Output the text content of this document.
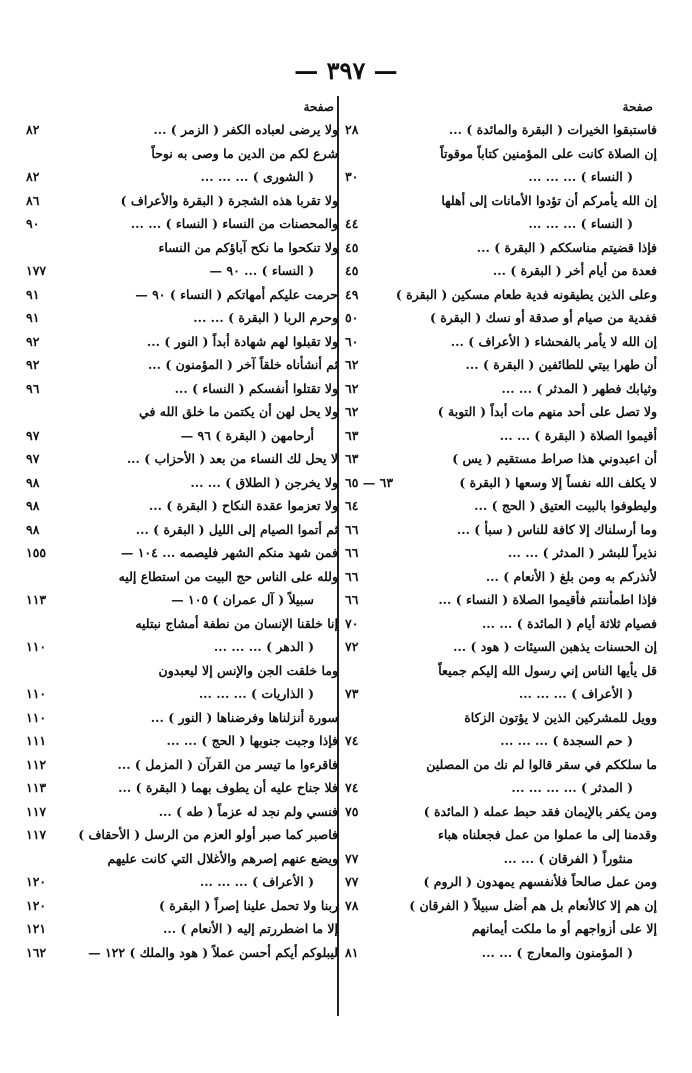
— ٣٩٧ —
صفحة
فاستبقوا الخيرات ( البقرة والمائدة ) ...
٢٨
إن الصلاة كانت على المؤمنين كتاباً موقوتاً
( النساء ) ... ... ...
٣٠
إن الله يأمركم أن تؤدوا الأمانات إلى أهلها
( النساء ) ... ... ...
٤٤
فإذا قضيتم مناسككم ( البقرة ) ...
٤٥
فعدة من أيام أخر ( البقرة ) ...
٤٥
وعلى الذين يطيقونه فدية طعام مسكين ( البقرة )
٤٩
ففدية من صيام أو صدقة أو نسك ( البقرة )
٥٠
إن الله لا يأمر بالفحشاء ( الأعراف ) ...
٦٠
أن طهرا بيتي للطائفين ( البقرة ) ...
٦٢
وثيابك فطهر ( المدثر ) ... ...
٦٢
ولا تصل على أحد منهم مات أبداً ( التوبة )
٦٢
أقيموا الصلاة ( البقرة ) ... ...
٦٣
أن اعبدوني هذا صراط مستقيم ( يس )
٦٣
لا يكلف الله نفساً إلا وسعها ( البقرة )
٦٣ — ٦٥
وليطوفوا بالبيت العتيق ( الحج ) ...
٦٤
وما أرسلناك إلا كافة للناس ( سبأ ) ...
٦٦
نذيراً للبشر ( المدثر ) ... ...
٦٦
لأنذركم به ومن بلغ ( الأنعام ) ...
٦٦
فإذا اطمأننتم فأقيموا الصلاة ( النساء ) ...
٦٦
فصيام ثلاثة أيام ( المائدة ) ... ...
٧٠
إن الحسنات يذهبن السيئات ( هود ) ...
٧٢
قل يأيها الناس إني رسول الله إليكم جميعاً
( الأعراف ) ... ... ...
٧٣
وويل للمشركين الذين لا يؤتون الزكاة
( حم السجدة ) ... ... ...
٧٤
ما سلككم في سقر قالوا لم نك من المصلين
( المدثر ) ... ... ... ...
٧٤
ومن يكفر بالإيمان فقد حبط عمله ( المائدة )
٧٥
وقدمنا إلى ما عملوا من عمل فجعلناه هباء
منثوراً ( الفرقان ) ... ...
٧٧
ومن عمل صالحاً فلأنفسهم يمهدون ( الروم )
٧٧
إن هم إلا كالأنعام بل هم أضل سبيلاً ( الفرقان )
٧٨
إلا على أزواجهم أو ما ملكت أيمانهم
( المؤمنون والمعارج ) ... ...
٨١
صفحة
ولا يرضى لعباده الكفر ( الزمر ) ...
٨٢
شرع لكم من الدين ما وصى به نوحاً
( الشورى ) ... ... ...
٨٢
ولا تقربا هذه الشجرة ( البقرة والأعراف )
٨٦
والمحصنات من النساء ( النساء ) ... ...
٩٠
ولا تنكحوا ما نكح آباؤكم من النساء
( النساء ) ... ٩٠ —
١٧٧
حرمت عليكم أمهاتكم ( النساء ) ٩٠ —
٩١
وحرم الربا ( البقرة ) ... ...
٩١
ولا تقبلوا لهم شهادة أبداً ( النور ) ...
٩٢
ثم أنشأناه خلقاً آخر ( المؤمنون ) ...
٩٢
ولا تقتلوا أنفسكم ( النساء ) ...
٩٦
ولا يحل لهن أن يكتمن ما خلق الله في
أرحامهن ( البقرة ) ٩٦ —
٩٧
لا يحل لك النساء من بعد ( الأحزاب ) ...
٩٧
ولا يخرجن ( الطلاق ) ... ...
٩٨
ولا تعزموا عقدة النكاح ( البقرة ) ...
٩٨
ثم أتموا الصيام إلى الليل ( البقرة ) ...
٩٨
فمن شهد منكم الشهر فليصمه ... ١٠٤ —
١٥٥
ولله على الناس حج البيت من استطاع إليه
سبيلاً ( آل عمران ) ١٠٥ —
١١٣
إنا خلقنا الإنسان من نطفة أمشاج نبتليه
( الدهر ) ... ... ...
١١٠
وما خلقت الجن والإنس إلا ليعبدون
( الذاريات ) ... ... ...
١١٠
سورة أنزلناها وفرضناها ( النور ) ...
١١٠
فإذا وجبت جنوبها ( الحج ) ... ...
١١١
فاقرءوا ما تيسر من القرآن ( المزمل ) ...
١١٢
فلا جناح عليه أن يطوف بهما ( البقرة ) ...
١١٣
فنسي ولم نجد له عزماً ( طه ) ...
١١٧
فاصبر كما صبر أولو العزم من الرسل ( الأحقاف )
١١٧
ويضع عنهم إصرهم والأغلال التي كانت عليهم
( الأعراف ) ... ... ...
١٢٠
ربنا ولا تحمل علينا إصراً ( البقرة )
١٢٠
إلا ما اضطررتم إليه ( الأنعام ) ...
١٢١
ليبلوكم أيكم أحسن عملاً ( هود والملك ) ١٢٢ —
١٦٢
